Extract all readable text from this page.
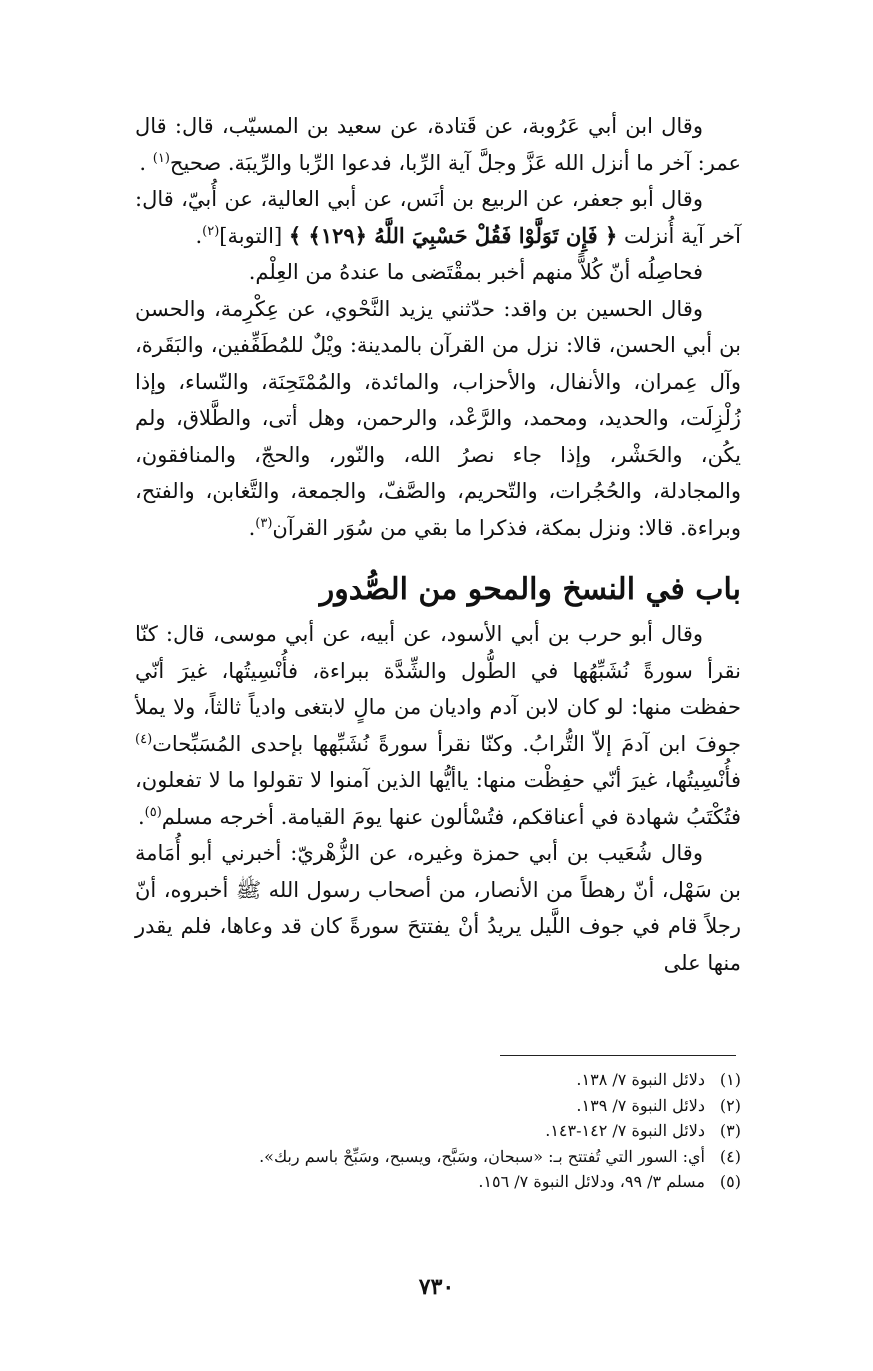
وقال ابن أبي عَرُوبة، عن قَتادة، عن سعيد بن المسيّب، قال: قال عمر: آخر ما أنزل الله عَزَّ وجلَّ آية الرِّبا، فدعوا الرِّبا والرِّيبَة. صحيح$^{(١)}$ .

وقال أبو جعفر، عن الربيع بن أنَس، عن أبي العالية، عن أُبيّ، قال: آخر آية أُنزلت ﴿ فَإِن تَوَلَّوْا فَقُلْ حَسْبِيَ اللَّهُ ﴿١٢٩﴾ ﴾ [التوبة]$^{(٢)}$.

فحاصِلُه أنّ كُلاًّ منهم أخبر بمقْتَضى ما عندهُ من العِلْم.

وقال الحسين بن واقد: حدّثني يزيد النَّحْوي، عن عِكْرِمة، والحسن بن أبي الحسن، قالا: نزل من القرآن بالمدينة: ويْلٌ للمُطَفِّفين، والبَقَرة، وآل عِمران، والأنفال، والأحزاب، والمائدة، والمُمْتَحِنَة، والنّساء، وإذا زُلْزِلَت، والحديد، ومحمد، والرَّعْد، والرحمن، وهل أتى، والطَّلاق، ولم يكُن، والحَشْر، وإذا جاء نصرُ الله، والنّور، والحجّ، والمنافقون، والمجادلة، والحُجُرات، والتّحريم، والصَّفّ، والجمعة، والتَّغابن، والفتح، وبراءة. قالا: ونزل بمكة، فذكرا ما بقي من سُوَر القرآن$^{(٣)}$.

باب في النسخ والمحو من الصُّدور

وقال أبو حرب بن أبي الأسود، عن أبيه، عن أبي موسى، قال: كنّا نقرأ سورةً نُشَبِّهُها في الطُّول والشِّدَّة ببراءة، فأُنْسِيتُها، غيرَ أنّي حفظت منها: لو كان لابن آدم واديان من مالٍ لابتغى وادياً ثالثاً، ولا يملأ جوفَ ابن آدمَ إلاّ التُّرابُ. وكنّا نقرأ سورةً نُشَبِّهها بإحدى المُسَبِّحات$^{(٤)}$ فأُنْسِيتُها، غيرَ أنّي حفِظْت منها: ياأيُّها الذين آمنوا لا تقولوا ما لا تفعلون، فتُكْتَبُ شهادة في أعناقكم، فتُسْألون عنها يومَ القيامة. أخرجه مسلم$^{(٥)}$.

وقال شُعَيب بن أبي حمزة وغيره، عن الزُّهْريّ: أخبرني أبو أُمَامة بن سَهْل، أنّ رهطاً من الأنصار، من أصحاب رسول الله ﷺ أخبروه، أنّ رجلاً قام في جوف اللَّيل يريدُ أنْ يفتتحَ سورةً كان قد وعاها، فلم يقدر منها على

(١)دلائل النبوة ٧/ ١٣٨.

(٢)دلائل النبوة ٧/ ١٣٩.

(٣)دلائل النبوة ٧/ ١٤٢-١٤٣.

(٤)أي: السور التي تُفتتح بـ: «سبحان، وسَبَّح، ويسبح، وسَبِّحْ باسم ربك».

(٥)مسلم ٣/ ٩٩، ودلائل النبوة ٧/ ١٥٦.

٧٣٠
